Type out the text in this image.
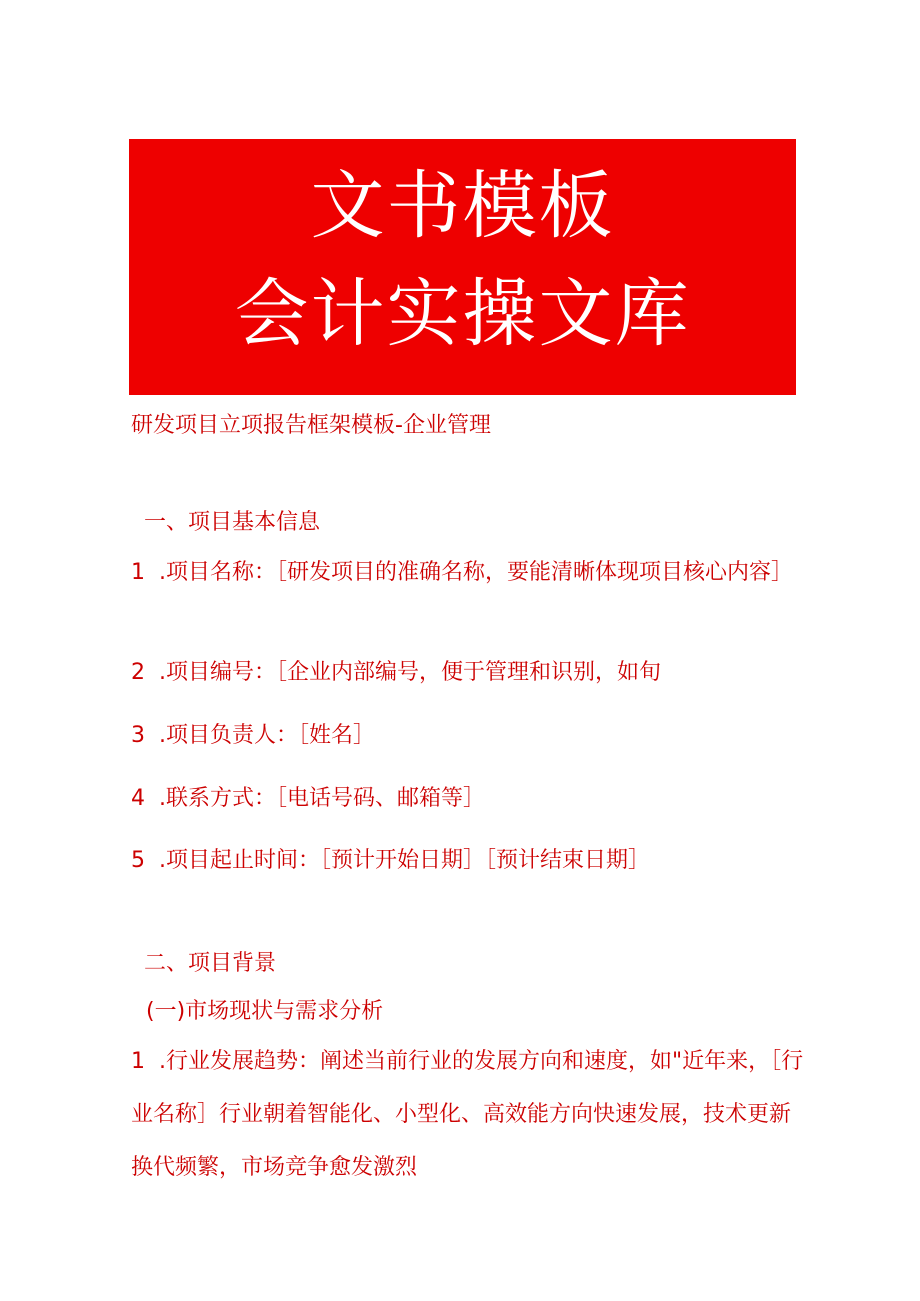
文书模板
会计实操文库
研发项目立项报告框架模板-企业管理
一、项目基本信息
1 .项目名称：［研发项目的准确名称，要能清晰体现项目核心内容］
2 .项目编号：［企业内部编号，便于管理和识别，如旬
3 .项目负责人：［姓名］
4 .联系方式：［电话号码、邮箱等］
5 .项目起止时间：［预计开始日期］［预计结束日期］
二、项目背景
(一)市场现状与需求分析
1 .行业发展趋势：阐述当前行业的发展方向和速度，如"近年来，［行业名称］行业朝着智能化、小型化、高效能方向快速发展，技术更新换代频繁，市场竞争愈发激烈
